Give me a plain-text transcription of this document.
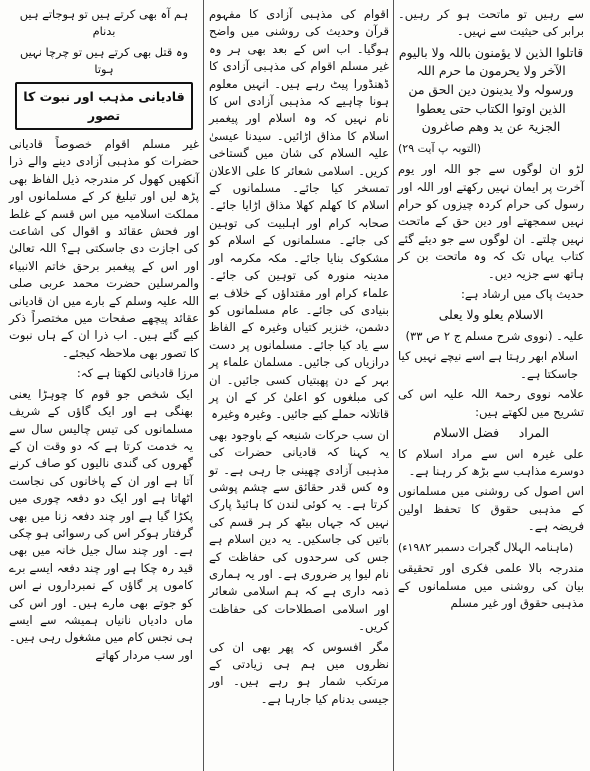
سے رہیں تو ماتحت ہو کر رہیں۔ برابر کی حیثیت سے نہیں۔

قاتلوا الذین لا یؤمنون باللہ ولا بالیوم الآخر ولا یحرمون ما حرم اللہ ورسولہ ولا یدینون دین الحق من الذین اوتوا الکتاب حتی یعطوا الجزیۃ عن ید وھم صاغرون

(التوبہ پ آیت ۲۹)

لڑو ان لوگوں سے جو اللہ اور یوم آخرت پر ایمان نہیں رکھتے اور اللہ اور رسول کی حرام کردہ چیزوں کو حرام نہیں سمجھتے اور دین حق کے ماتحت نہیں چلتے۔ ان لوگوں سے جو دیئے گئے کتاب یہاں تک کہ وہ ماتحت بن کر ہاتھ سے جزیہ دیں۔

حدیث پاک میں ارشاد ہے:

الاسلام یعلو ولا یعلی

علیہ۔ (نووی شرح مسلم ج ۲ ص ۳۳)

اسلام ابھر رہتا ہے اسے نیچے نہیں کیا جاسکتا ہے۔

علامہ نووی رحمۃ اللہ علیہ اس کی تشریح میں لکھتے ہیں:

المراد     فضل الاسلام

علی غیرہ اس سے مراد اسلام کا دوسرے مذاہب سے بڑھ کر رہنا ہے۔

اس اصول کی روشنی میں مسلمانوں کے مذہبی حقوق کا تحفظ اولین فریضہ ہے۔

(ماہنامہ الہلال گجرات دسمبر ۱۹۸۲ء)

مندرجہ بالا علمی فکری اور تحقیقی بیان کی روشنی میں مسلمانوں کے مذہبی حقوق اور غیر مسلم

اقوام کی مذہبی آزادی کا مفہوم قرآن وحدیث کی روشنی میں واضح ہوگیا۔ اب اس کے بعد بھی ہر وہ غیر مسلم اقوام کی مذہبی آزادی کا ڈھنڈورا پیٹ رہے ہیں۔ انہیں معلوم ہونا چاہیے کہ مذہبی آزادی اس کا نام نہیں کہ وہ اسلام اور پیغمبر اسلام کا مذاق اڑائیں۔ سیدنا عیسیٰ علیہ السلام کی شان میں گستاخی کریں۔ اسلامی شعائر کا علی الاعلان تمسخر کیا جائے۔ مسلمانوں کے اسلام کا کھلم کھلا مذاق اڑایا جائے۔ صحابہ کرام اور اہلبیت کی توہین کی جائے۔ مسلمانوں کے اسلام کو مشکوک بنایا جائے۔ مکہ مکرمہ اور مدینہ منورہ کی توہین کی جائے۔ علماء کرام اور مقتداؤں کے خلاف بے بنیادی کی جائے۔ عام مسلمانوں کو دشمن، خنزیر کتیاں وغیرہ کے الفاظ سے یاد کیا جائے۔ مسلمانوں پر دست درازیاں کی جائیں۔ مسلمان علماء پر بہر کے دن پھبتیاں کسی جائیں۔ ان کی مبلغوں کو اعلیٰ کر کے ان پر قاتلانہ حملے کیے جائیں۔ وغیرہ وغیرہ

ان سب حرکات شنیعہ کے باوجود بھی یہ کہنا کہ قادیانی حضرات کی مذہبی آزادی چھینی جا رہی ہے۔ تو وہ کس قدر حقائق سے چشم پوشی کرتا ہے۔ یہ کوئی لندن کا ہائیڈ پارک نہیں کہ جہاں بیٹھ کر ہر قسم کی باتیں کی جاسکیں۔ یہ دین اسلام ہے جس کی سرحدوں کی حفاظت کے نام لیوا پر ضروری ہے۔ اور یہ ہماری ذمہ داری ہے کہ ہم اسلامی شعائر اور اسلامی اصطلاحات کی حفاظت کریں۔

مگر افسوس کہ پھر بھی ان کی نظروں میں ہم ہی زیادتی کے مرتکب شمار ہو رہے ہیں۔ اور جیسی بدنام کیا جارہا ہے۔

ہم آہ بھی کرتے ہیں تو ہوجاتے ہیں بدنام

وہ قتل بھی کرتے ہیں تو چرچا نہیں ہوتا

قادیانی مذہب اور نبوت کا تصور

غیر مسلم اقوام خصوصاً قادیانی حضرات کو مذہبی آزادی دینے والے ذرا آنکھیں کھول کر مندرجہ ذیل الفاظ بھی پڑھ لیں اور تبلیغ کر کے مسلمانوں اور مملکت اسلامیہ میں اس قسم کے غلط اور فحش عقائد و اقوال کی اشاعت کی اجازت دی جاسکتی ہے؟ اللہ تعالیٰ اور اس کے پیغمبر برحق خاتم الانبیاء والمرسلین حضرت محمد عربی صلی اللہ علیہ وسلم کے بارے میں ان قادیانی عقائد پیچھے صفحات میں مختصراً ذکر کیے گئے ہیں۔ اب ذرا ان کے ہاں نبوت کا تصور بھی ملاحظہ کیجئے۔

مرزا قادیانی لکھتا ہے کہ:

ایک شخص جو قوم کا چوہڑا یعنی بھنگی ہے اور ایک گاؤں کے شریف مسلمانوں کی تیس چالیس سال سے یہ خدمت کرتا ہے کہ دو وقت ان کے گھروں کی گندی نالیوں کو صاف کرنے آتا ہے اور ان کے پاخانوں کی نجاست اٹھاتا ہے اور ایک دو دفعہ چوری میں پکڑا گیا ہے اور چند دفعہ زنا میں بھی گرفتار ہوکر اس کی رسوائی ہو چکی ہے۔ اور چند سال جیل خانہ میں بھی قید رہ چکا ہے اور چند دفعہ ایسے برے کاموں پر گاؤں کے نمبرداروں نے اس کو جوتے بھی مارے ہیں۔ اور اس کی ماں دادیاں نانیاں ہمیشہ سے ایسے ہی نجس کام میں مشغول رہی ہیں۔ اور سب مردار کھاتے
